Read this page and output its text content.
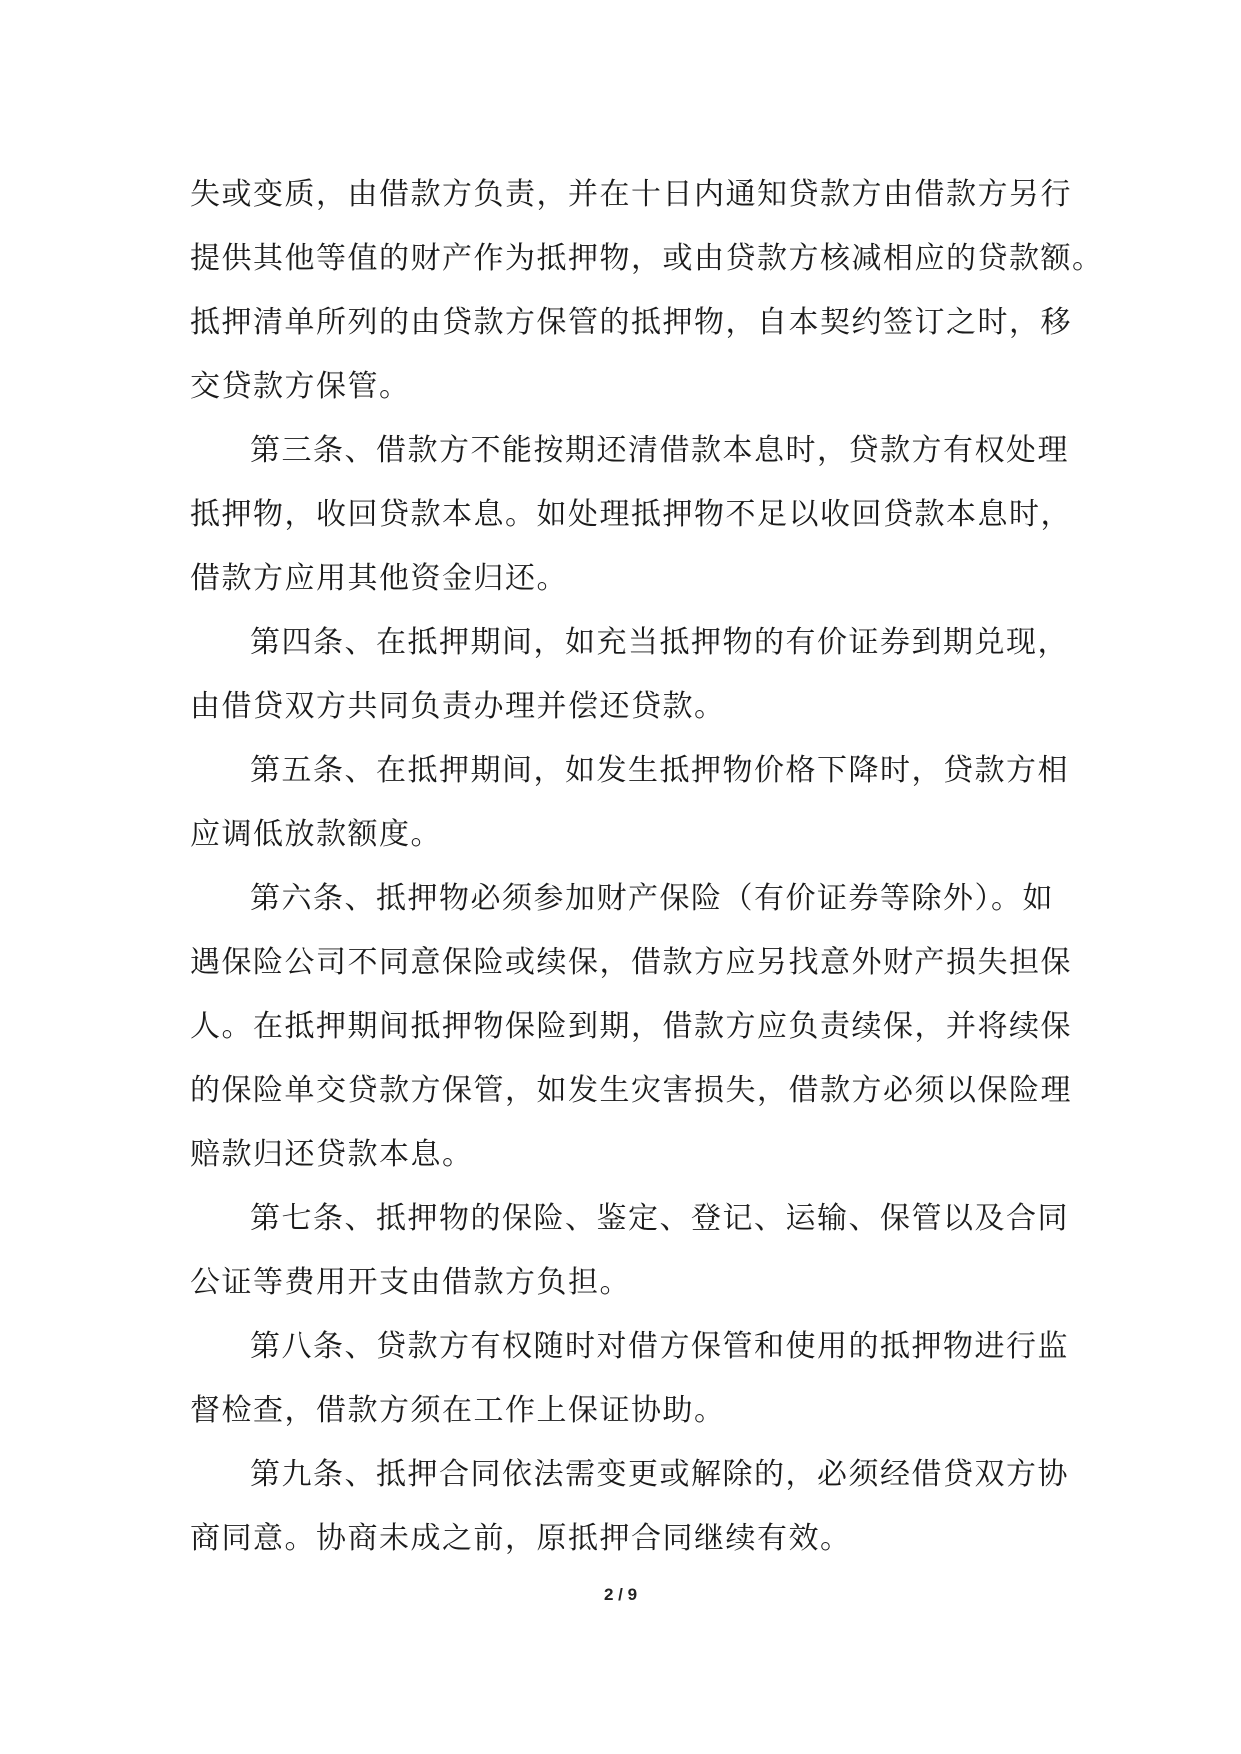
失或变质，由借款方负责，并在十日内通知贷款方由借款方另行
提供其他等值的财产作为抵押物，或由贷款方核减相应的贷款额。
抵押清单所列的由贷款方保管的抵押物，自本契约签订之时，移
交贷款方保管。
第三条、借款方不能按期还清借款本息时，贷款方有权处理
抵押物，收回贷款本息。如处理抵押物不足以收回贷款本息时，
借款方应用其他资金归还。
第四条、在抵押期间，如充当抵押物的有价证券到期兑现，
由借贷双方共同负责办理并偿还贷款。
第五条、在抵押期间，如发生抵押物价格下降时，贷款方相
应调低放款额度。
第六条、抵押物必须参加财产保险（有价证券等除外）。如
遇保险公司不同意保险或续保，借款方应另找意外财产损失担保
人。在抵押期间抵押物保险到期，借款方应负责续保，并将续保
的保险单交贷款方保管，如发生灾害损失，借款方必须以保险理
赔款归还贷款本息。
第七条、抵押物的保险、鉴定、登记、运输、保管以及合同
公证等费用开支由借款方负担。
第八条、贷款方有权随时对借方保管和使用的抵押物进行监
督检查，借款方须在工作上保证协助。
第九条、抵押合同依法需变更或解除的，必须经借贷双方协
商同意。协商未成之前，原抵押合同继续有效。
2 / 9
